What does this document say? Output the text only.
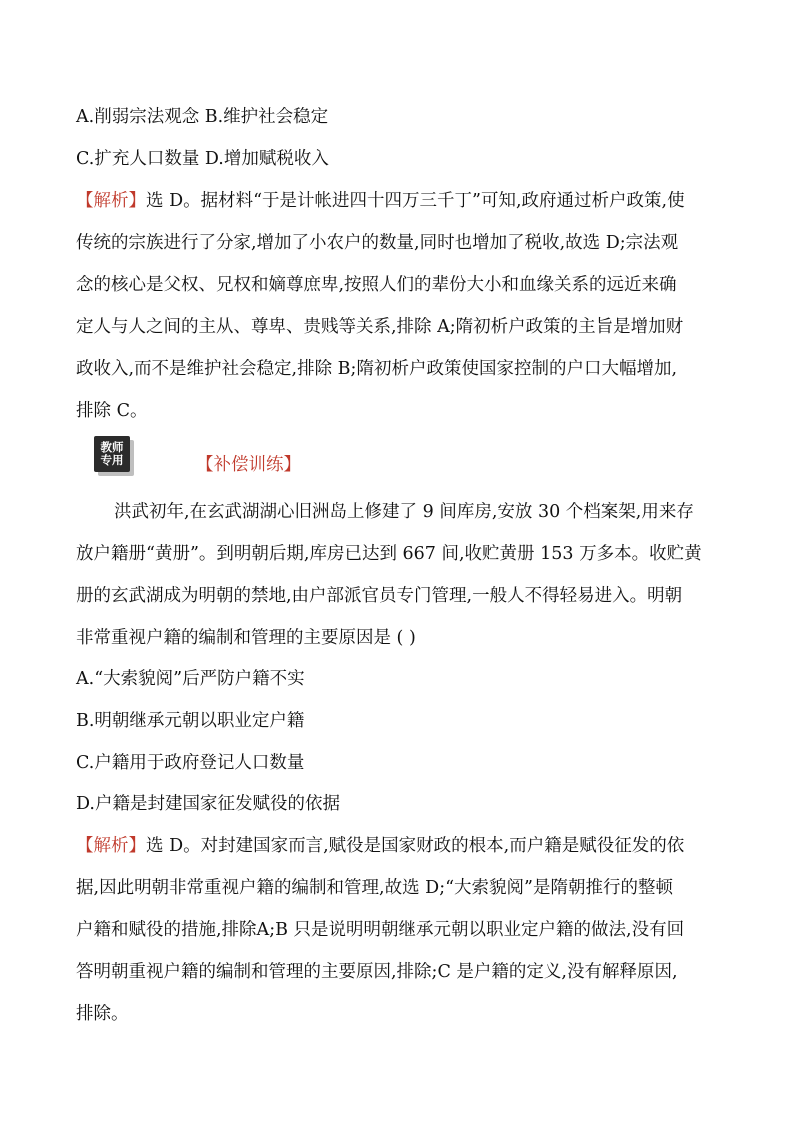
A.削弱宗法观念 B.维护社会稳定
C.扩充人口数量 D.增加赋税收入
【解析】选 D。据材料“于是计帐进四十四万三千丁”可知,政府通过析户政策,使
传统的宗族进行了分家,增加了小农户的数量,同时也增加了税收,故选 D;宗法观
念的核心是父权、兄权和嫡尊庶卑,按照人们的辈份大小和血缘关系的远近来确
定人与人之间的主从、尊卑、贵贱等关系,排除 A;隋初析户政策的主旨是增加财
政收入,而不是维护社会稳定,排除 B;隋初析户政策使国家控制的户口大幅增加,
排除 C。
教师
专用	【补偿训练】
洪武初年,在玄武湖湖心旧洲岛上修建了 9 间库房,安放 30 个档案架,用来存
放户籍册“黄册”。到明朝后期,库房已达到 667 间,收贮黄册 153 万多本。收贮黄
册的玄武湖成为明朝的禁地,由户部派官员专门管理,一般人不得轻易进入。明朝
非常重视户籍的编制和管理的主要原因是 ( )
A.“大索貌阅”后严防户籍不实
B.明朝继承元朝以职业定户籍
C.户籍用于政府登记人口数量
D.户籍是封建国家征发赋役的依据
【解析】选 D。对封建国家而言,赋役是国家财政的根本,而户籍是赋役征发的依
据,因此明朝非常重视户籍的编制和管理,故选 D;“大索貌阅”是隋朝推行的整顿
户籍和赋役的措施,排除A;B 只是说明明朝继承元朝以职业定户籍的做法,没有回
答明朝重视户籍的编制和管理的主要原因,排除;C 是户籍的定义,没有解释原因,
排除。
